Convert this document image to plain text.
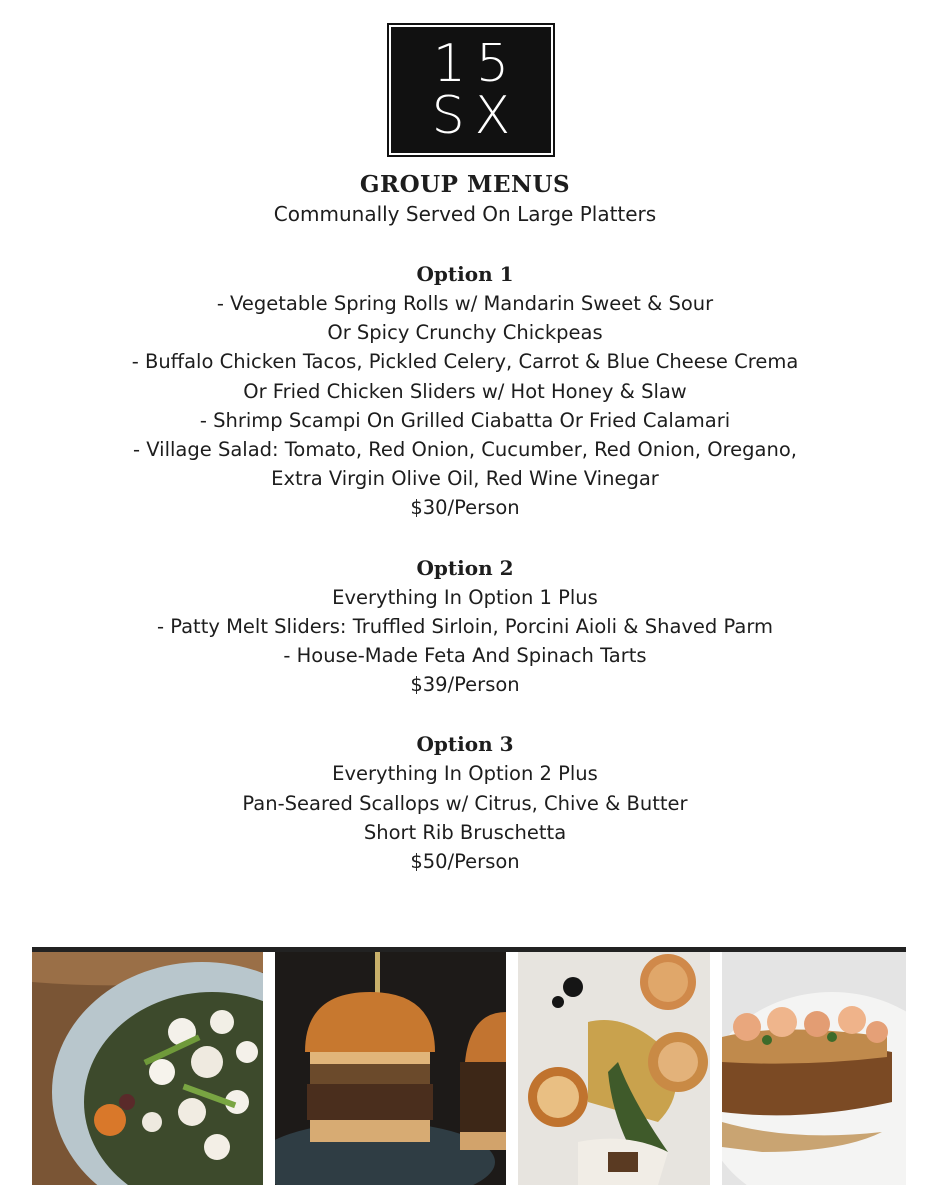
15
SX
GROUP MENUS
Communally Served On Large Platters
Option 1
- Vegetable Spring Rolls w/ Mandarin Sweet & Sour
Or Spicy Crunchy Chickpeas
- Buffalo Chicken Tacos, Pickled Celery, Carrot & Blue Cheese Crema
Or Fried Chicken Sliders w/ Hot Honey & Slaw
- Shrimp Scampi On Grilled Ciabatta Or Fried Calamari
- Village Salad: Tomato, Red Onion, Cucumber, Red Onion, Oregano,
Extra Virgin Olive Oil, Red Wine Vinegar
$30/Person
Option 2
Everything In Option 1 Plus
- Patty Melt Sliders: Truffled Sirloin, Porcini Aioli & Shaved Parm
- House-Made Feta And Spinach Tarts
$39/Person
Option 3
Everything In Option 2 Plus
Pan-Seared Scallops w/ Citrus, Chive & Butter
Short Rib Bruschetta
$50/Person
